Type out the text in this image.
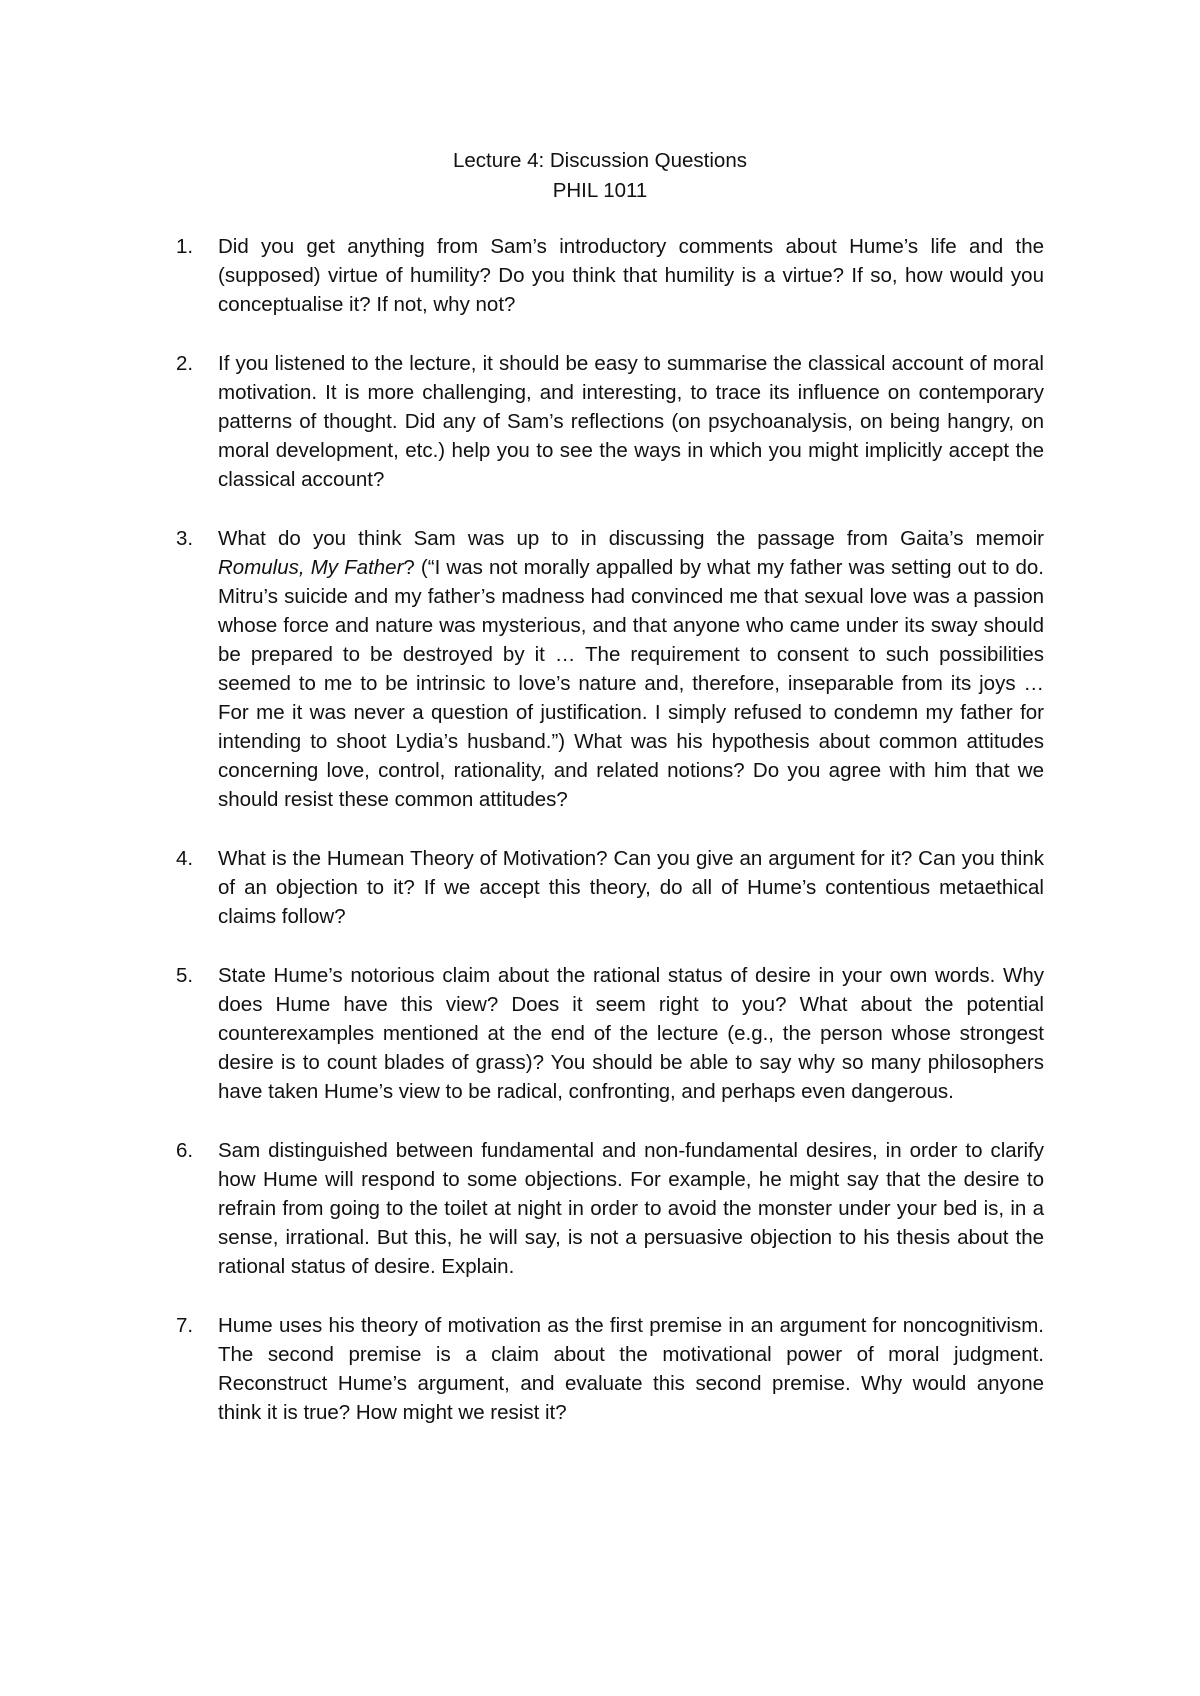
Lecture 4: Discussion Questions
PHIL 1011
1. Did you get anything from Sam’s introductory comments about Hume’s life and the (supposed) virtue of humility? Do you think that humility is a virtue? If so, how would you conceptualise it? If not, why not?
2. If you listened to the lecture, it should be easy to summarise the classical account of moral motivation. It is more challenging, and interesting, to trace its influence on contemporary patterns of thought. Did any of Sam’s reflections (on psychoanalysis, on being hangry, on moral development, etc.) help you to see the ways in which you might implicitly accept the classical account?
3. What do you think Sam was up to in discussing the passage from Gaita’s memoir Romulus, My Father? (“I was not morally appalled by what my father was setting out to do. Mitru’s suicide and my father’s madness had convinced me that sexual love was a passion whose force and nature was mysterious, and that anyone who came under its sway should be prepared to be destroyed by it … The requirement to consent to such possibilities seemed to me to be intrinsic to love’s nature and, therefore, inseparable from its joys … For me it was never a question of justification. I simply refused to condemn my father for intending to shoot Lydia’s husband.”) What was his hypothesis about common attitudes concerning love, control, rationality, and related notions? Do you agree with him that we should resist these common attitudes?
4. What is the Humean Theory of Motivation? Can you give an argument for it? Can you think of an objection to it? If we accept this theory, do all of Hume’s contentious metaethical claims follow?
5. State Hume’s notorious claim about the rational status of desire in your own words. Why does Hume have this view? Does it seem right to you? What about the potential counterexamples mentioned at the end of the lecture (e.g., the person whose strongest desire is to count blades of grass)? You should be able to say why so many philosophers have taken Hume’s view to be radical, confronting, and perhaps even dangerous.
6. Sam distinguished between fundamental and non-fundamental desires, in order to clarify how Hume will respond to some objections. For example, he might say that the desire to refrain from going to the toilet at night in order to avoid the monster under your bed is, in a sense, irrational. But this, he will say, is not a persuasive objection to his thesis about the rational status of desire. Explain.
7. Hume uses his theory of motivation as the first premise in an argument for noncognitivism. The second premise is a claim about the motivational power of moral judgment. Reconstruct Hume’s argument, and evaluate this second premise. Why would anyone think it is true? How might we resist it?
